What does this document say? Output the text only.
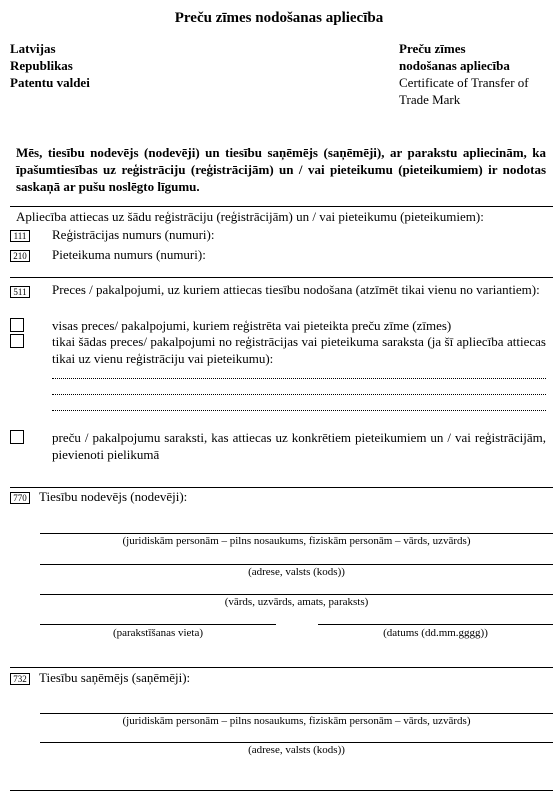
Preču zīmes nodošanas apliecība
Latvijas
Republikas
Patentu valdei
Preču zīmes
nodošanas apliecība
Certificate of Transfer of
Trade Mark
Mēs, tiesību nodevējs (nodevēji) un tiesību saņēmējs (saņēmēji), ar parakstu apliecinām, ka īpašumtiesības uz reģistrāciju (reģistrācijām) un / vai pieteikumu (pieteikumiem) ir nodotas saskaņā ar pušu noslēgto līgumu.
Apliecība attiecas uz šādu reģistrāciju (reģistrācijām) un / vai pieteikumu (pieteikumiem):
111 Reģistrācijas numurs (numuri):
210 Pieteikuma numurs (numuri):
511 Preces / pakalpojumi, uz kuriem attiecas tiesību nodošana (atzīmēt tikai vienu no variantiem):
visas preces/ pakalpojumi, kuriem reģistrēta vai pieteikta preču zīme (zīmes)
tikai šādas preces/ pakalpojumi no reģistrācijas vai pieteikuma saraksta (ja šī apliecība attiecas tikai uz vienu reģistrāciju vai pieteikumu):
preču / pakalpojumu saraksti, kas attiecas uz konkrētiem pieteikumiem un / vai reģistrācijām, pievienoti pielikumā
770 Tiesību nodevējs (nodevēji):
(juridiskām personām – pilns nosaukums, fiziskām personām – vārds, uzvārds)
(adrese, valsts (kods))
(vārds, uzvārds, amats, paraksts)
(parakstīšanas vieta)	(datums (dd.mm.gggg))
732 Tiesību saņēmējs (saņēmēji):
(juridiskām personām – pilns nosaukums, fiziskām personām – vārds, uzvārds)
(adrese, valsts (kods))
